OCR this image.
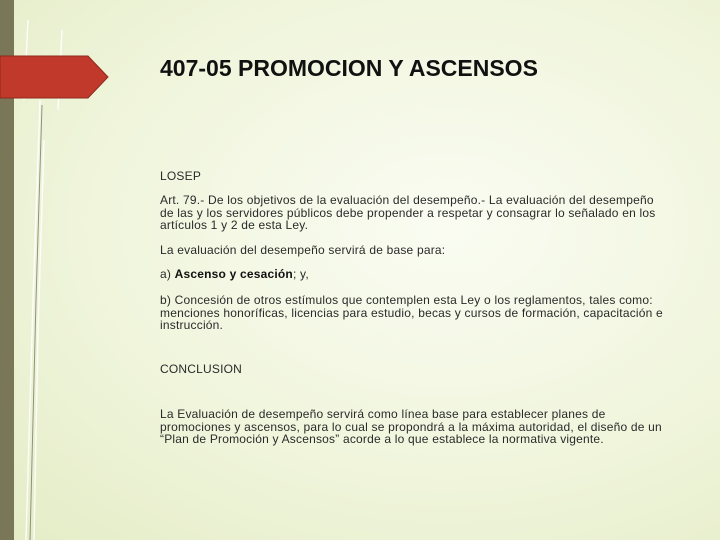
407-05 PROMOCION Y ASCENSOS

LOSEP

Art. 79.- De los objetivos de la evaluación del desempeño.- La evaluación del desempeño de las y los servidores públicos debe propender a respetar y consagrar lo señalado en los artículos 1 y 2 de esta Ley.

La evaluación del desempeño servirá de base para:

a) Ascenso y cesación; y,

b) Concesión de otros estímulos que contemplen esta Ley o los reglamentos, tales como: menciones honoríficas, licencias para estudio, becas y cursos de formación, capacitación e instrucción.

CONCLUSION

La Evaluación de desempeño servirá como línea base para establecer planes de promociones y ascensos, para lo cual se propondrá a la máxima autoridad, el diseño de un “Plan de Promoción y Ascensos” acorde a lo que establece la normativa vigente.
